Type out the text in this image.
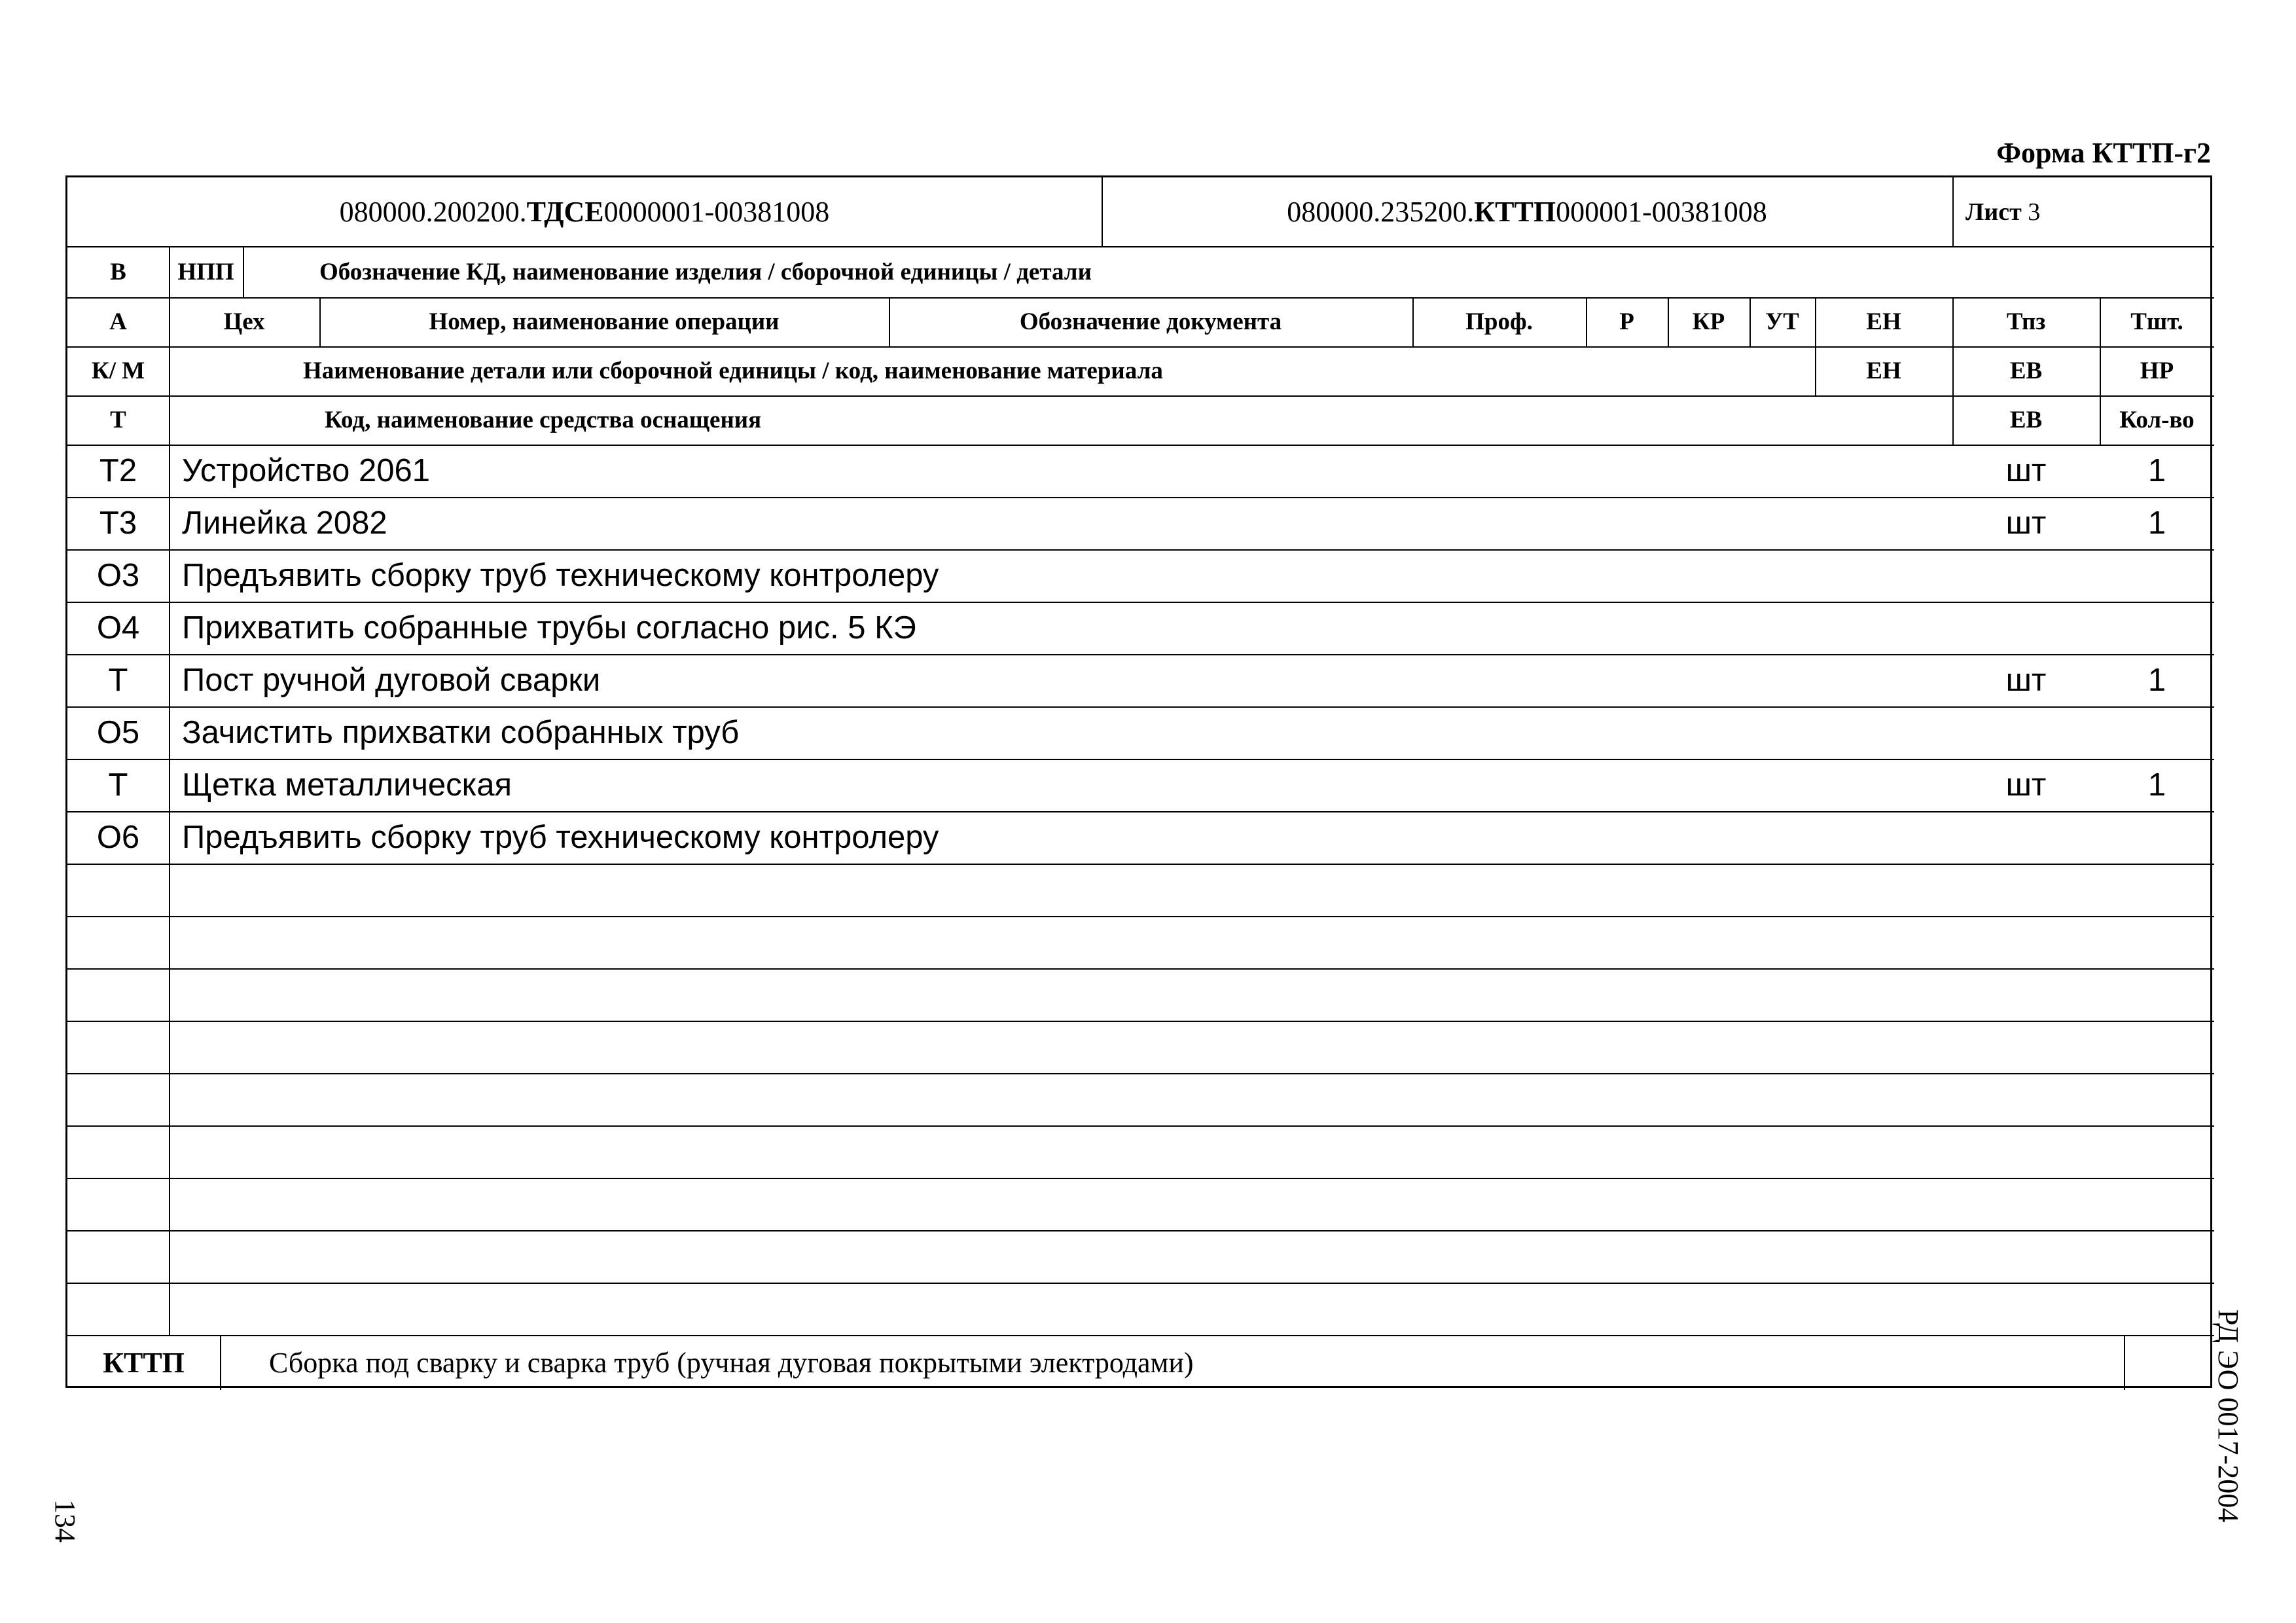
Форма КТТП-г2
080000.200200. ТДСЕ 0000001-00381008	080000.235200. КТТП 000001-00381008	Лист
3
В	НПП	Обозначение КД, наименование изделия / сборочной единицы / детали
А	Цех	Номер, наименование операции	Обозначение документа	Проф.	Р	КР	УТ	ЕН	Тпз	Тшт.
К/ М	Наименование детали или сборочной единицы / код, наименование материала	ЕН	ЕВ	НР
Т	Код, наименование средства оснащения	ЕВ	Кол-во
Т2	Устройство 2061	шт	1
Т3	Линейка 2082	шт	1
О3	Предъявить сборку труб техническому контролеру
О4	Прихватить собранные трубы согласно рис. 5 КЭ
Т	Пост ручной дуговой сварки	шт	1
О5	Зачистить прихватки собранных труб
Т	Щетка металлическая	шт	1
О6	Предъявить сборку труб техническому контролеру
КТТП	Сборка под сварку и сварка труб (ручная дуговая покрытыми электродами)
134	РД ЭО 0017-2004
